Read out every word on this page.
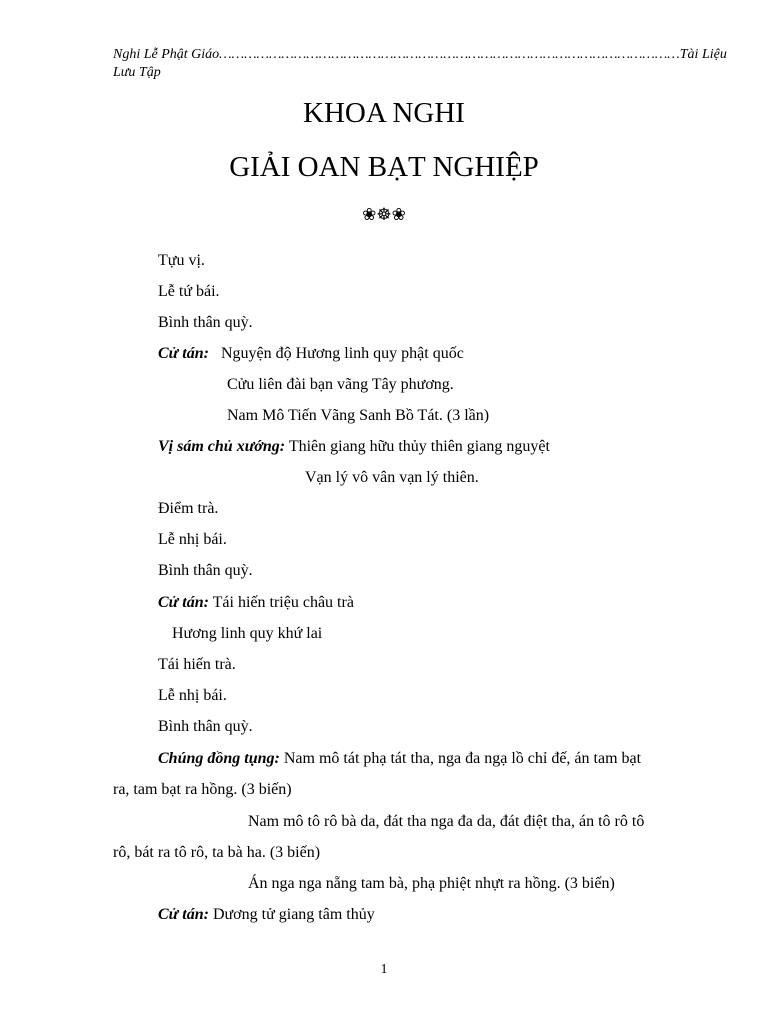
Nghi Lễ Phật Giáo ………………………………………………………………………………………………… Tài Liệu
Lưu Tập
KHOA NGHI
GIẢI OAN BẠT NGHIỆP
❀☸❀
Tựu vị.
Lễ tứ bái.
Bình thân quỳ.
Cử tán: Nguyện độ Hương linh quy phật quốc
Cửu liên đài bạn vãng Tây phương.
Nam Mô Tiến Vãng Sanh Bồ Tát. (3 lần)
Vị sám chủ xướng: Thiên giang hữu thủy thiên giang nguyệt
Vạn lý vô vân vạn lý thiên.
Điểm trà.
Lễ nhị bái.
Bình thân quỳ.
Cử tán: Tái hiến triệu châu trà
Hương linh quy khứ lai
Tái hiến trà.
Lễ nhị bái.
Bình thân quỳ.
Chúng đồng tụng: Nam mô tát phạ tát tha, nga đa ngạ lồ chỉ đế, án tam bạt
ra, tam bạt ra hồng. (3 biến)
Nam mô tô rô bà da, đát tha nga đa da, đát điệt tha, án tô rô tô
rô, bát ra tô rô, ta bà ha. (3 biến)
Án nga nga nẵng tam bà, phạ phiệt nhựt ra hồng. (3 biến)
Cử tán: Dương tử giang tâm thủy
1
